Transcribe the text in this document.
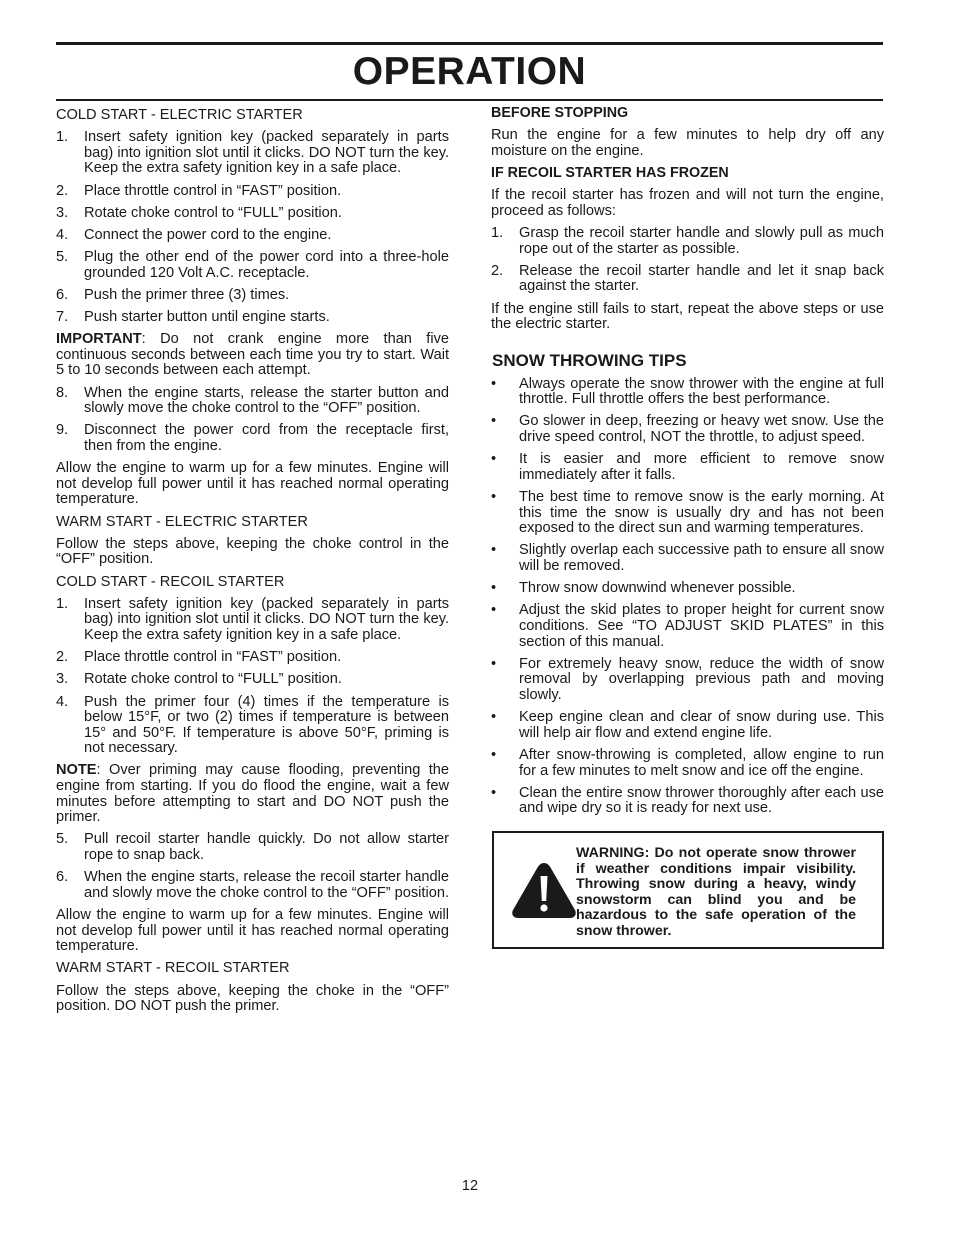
OPERATION
COLD START - ELECTRIC STARTER
1. Insert safety ignition key (packed separately in parts bag) into ignition slot until it clicks. DO NOT turn the key. Keep the extra safety ignition key in a safe place.
2. Place throttle control in “FAST” position.
3. Rotate choke control to “FULL” position.
4. Connect the power cord to the engine.
5. Plug the other end of the power cord into a three-hole grounded 120 Volt A.C. receptacle.
6. Push the primer three (3) times.
7. Push starter button until engine starts.

IMPORTANT: Do not crank engine more than five continuous seconds between each time you try to start. Wait 5 to 10 seconds between each attempt.

8. When the engine starts, release the starter button and slowly move the choke control to the “OFF” position.
9. Disconnect the power cord from the receptacle first, then from the engine.

Allow the engine to warm up for a few minutes. Engine will not develop full power until it has reached normal operating temperature.

WARM START - ELECTRIC STARTER

Follow the steps above, keeping the choke control in the “OFF” position.

COLD START - RECOIL STARTER
1. Insert safety ignition key (packed separately in parts bag) into ignition slot until it clicks. DO NOT turn the key. Keep the extra safety ignition key in a safe place.
2. Place throttle control in “FAST” position.
3. Rotate choke control to “FULL” position.
4. Push the primer four (4) times if the temperature is below 15°F, or two (2) times if temperature is between 15° and 50°F. If temperature is above 50°F, priming is not necessary.

NOTE: Over priming may cause flooding, preventing the engine from starting. If you do flood the engine, wait a few minutes before attempting to start and DO NOT push the primer.

5. Pull recoil starter handle quickly. Do not allow starter rope to snap back.
6. When the engine starts, release the recoil starter handle and slowly move the choke control to the “OFF” position.

Allow the engine to warm up for a few minutes. Engine will not develop full power until it has reached normal operating temperature.

WARM START - RECOIL STARTER

Follow the steps above, keeping the choke in the “OFF” position. DO NOT push the primer.

BEFORE STOPPING

Run the engine for a few minutes to help dry off any moisture on the engine.

IF RECOIL STARTER HAS FROZEN

If the recoil starter has frozen and will not turn the engine, proceed as follows:

1. Grasp the recoil starter handle and slowly pull as much rope out of the starter as possible.
2. Release the recoil starter handle and let it snap back against the starter.

If the engine still fails to start, repeat the above steps or use the electric starter.

SNOW THROWING TIPS
• Always operate the snow thrower with the engine at full throttle. Full throttle offers the best performance.
• Go slower in deep, freezing or heavy wet snow. Use the drive speed control, NOT the throttle, to adjust speed.
• It is easier and more efficient to remove snow immediately after it falls.
• The best time to remove snow is the early morning. At this time the snow is usually dry and has not been exposed to the direct sun and warming temperatures.
• Slightly overlap each successive path to ensure all snow will be removed.
• Throw snow downwind whenever possible.
• Adjust the skid plates to proper height for current snow conditions. See “TO ADJUST SKID PLATES” in this section of this manual.
• For extremely heavy snow, reduce the width of snow removal by overlapping previous path and moving slowly.
• Keep engine clean and clear of snow during use. This will help air flow and extend engine life.
• After snow-throwing is completed, allow engine to run for a few minutes to melt snow and ice off the engine.
• Clean the entire snow thrower thoroughly after each use and wipe dry so it is ready for next use.
WARNING: Do not operate snow thrower if weather conditions impair visibility. Throwing snow during a heavy, windy snowstorm can blind you and be hazardous to the safe operation of the snow thrower.
12
